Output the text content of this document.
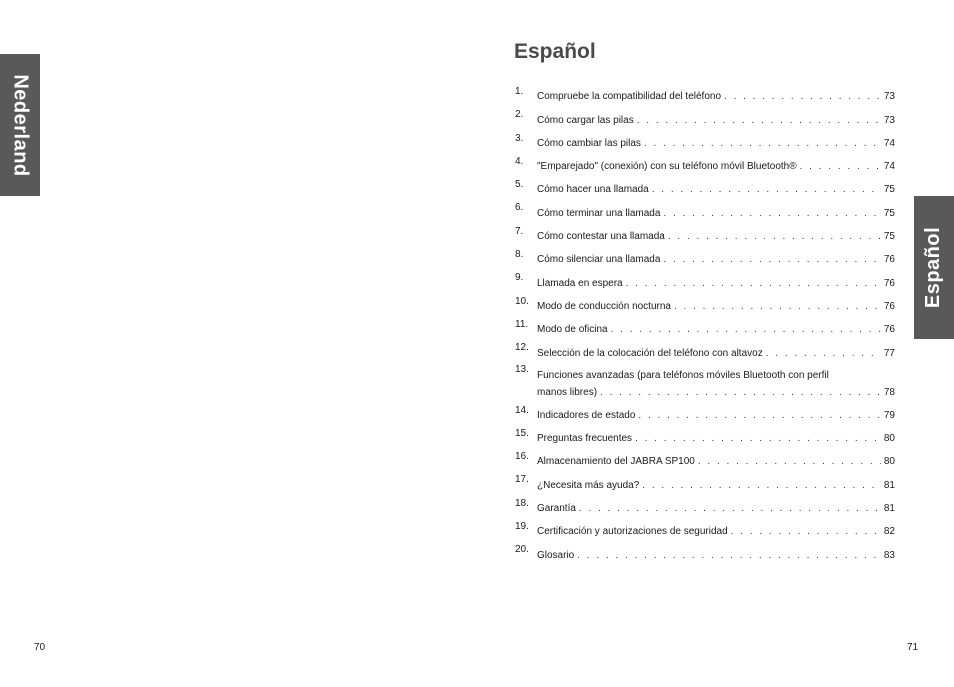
Nederland
Español
Español
1.	Compruebe la compatibilidad del teléfono . . .	73
2.	Cómo cargar las pilas . . .	73
3.	Cómo cambiar las pilas . . .	74
4.	"Emparejado" (conexión) con su teléfono móvil Bluetooth® . . .	74
5.	Cómo hacer una llamada . . .	75
6.	Cómo terminar una llamada . . .	75
7.	Cómo contestar una llamada . . .	75
8.	Cómo silenciar una llamada . . .	76
9.	Llamada en espera . . .	76
10. Modo de conducción nocturna . . .	76
11. Modo de oficina . . .	76
12. Selección de la colocación del teléfono con altavoz . . .	77
13.
Funciones avanzadas (para teléfonos móviles Bluetooth con perfil
manos libres) . . .	78
14. Indicadores de estado . . .	79
15. Preguntas frecuentes . . .	80
16. Almacenamiento del JABRA SP100 . . .	80
17. ¿Necesita más ayuda? . . .	81
18. Garantía . . .	81
19. Certificación y autorizaciones de seguridad . . .	82
20. Glosario . . .	83
70	71
